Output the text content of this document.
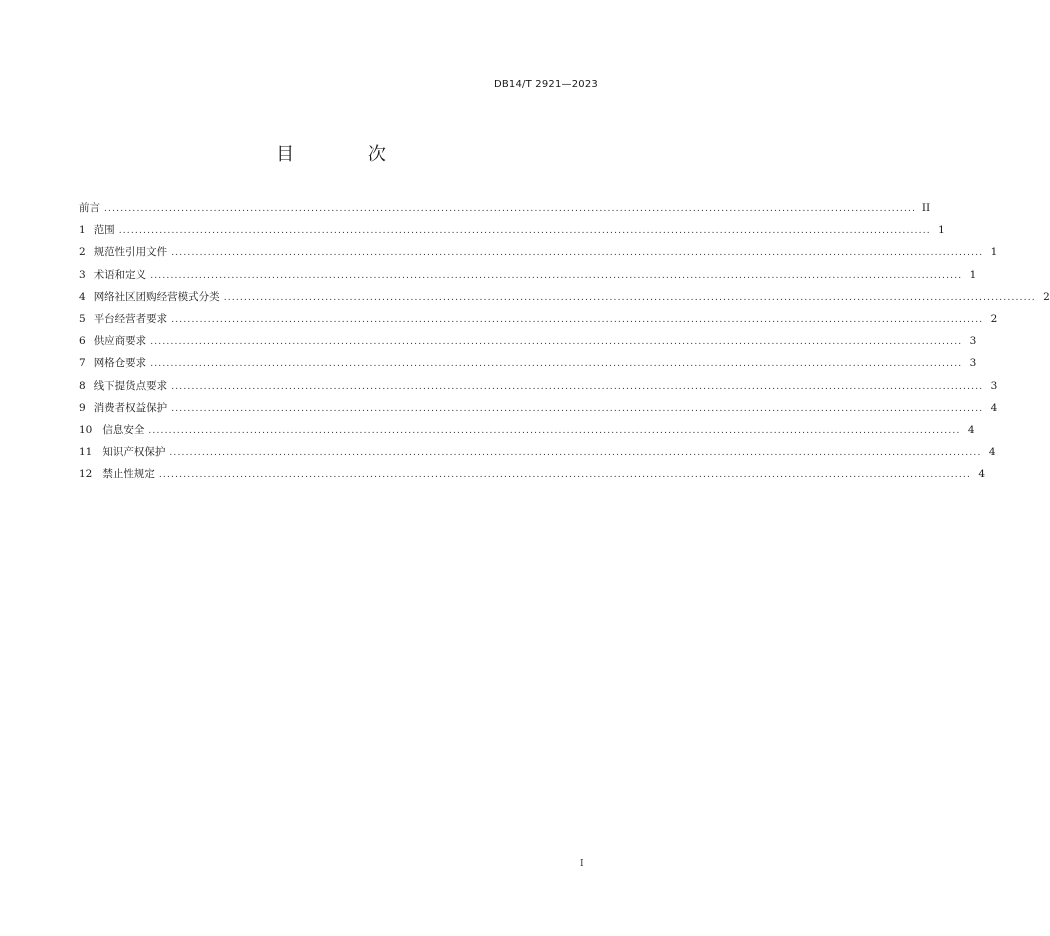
DB14/T 2921—2023
目 次
前言 ........................................................................................................................................................................................................ II
1 范围 ........................................................................................................................................................................................................ 1
2 规范性引用文件 ........................................................................................................................................................................................................ 1
3 术语和定义 ........................................................................................................................................................................................................ 1
4 网络社区团购经营模式分类 ........................................................................................................................................................................................................ 2
5 平台经营者要求 ........................................................................................................................................................................................................ 2
6 供应商要求 ........................................................................................................................................................................................................ 3
7 网格仓要求 ........................................................................................................................................................................................................ 3
8 线下提货点要求 ........................................................................................................................................................................................................ 3
9 消费者权益保护 ........................................................................................................................................................................................................ 4
10 信息安全 ........................................................................................................................................................................................................ 4
11 知识产权保护 ........................................................................................................................................................................................................ 4
12 禁止性规定 ........................................................................................................................................................................................................ 4
I
